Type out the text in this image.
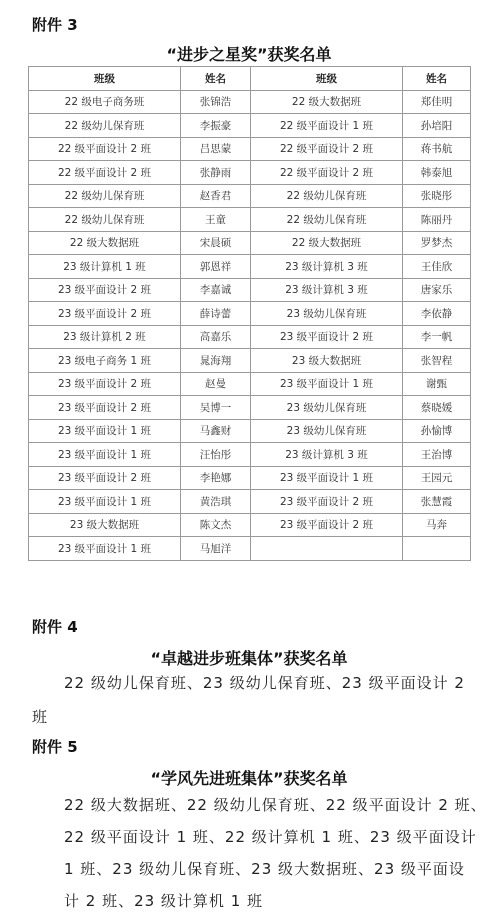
附件 3
“进步之星奖”获奖名单
班级	姓名	班级	姓名
22 级电子商务班	张锦浩	22 级大数据班	郑佳明
22 级幼儿保育班	李振豪	22 级平面设计 1 班	孙培阳
22 级平面设计 2 班	吕思蒙	22 级平面设计 2 班	蒋书航
22 级平面设计 2 班	张静雨	22 级平面设计 2 班	韩泰旭
22 级幼儿保育班	赵香君	22 级幼儿保育班	张晓彤
22 级幼儿保育班	王童	22 级幼儿保育班	陈丽丹
22 级大数据班	宋晨硕	22 级大数据班	罗梦杰
23 级计算机 1 班	郭恩祥	23 级计算机 3 班	王佳欣
23 级平面设计 2 班	李嘉诚	23 级计算机 3 班	唐家乐
23 级平面设计 2 班	薛诗蕾	23 级幼儿保育班	李依静
23 级计算机 2 班	高嘉乐	23 级平面设计 2 班	李一帆
23 级电子商务 1 班	晁海翔	23 级大数据班	张智程
23 级平面设计 2 班	赵曼	23 级平面设计 1 班	谢甄
23 级平面设计 2 班	吴博一	23 级幼儿保育班	蔡晓媛
23 级平面设计 1 班	马鑫财	23 级幼儿保育班	孙愉博
23 级平面设计 1 班	汪怡彤	23 级计算机 3 班	王治博
23 级平面设计 2 班	李艳娜	23 级平面设计 1 班	王园元
23 级平面设计 1 班	黄浩琪	23 级平面设计 2 班	张慧霞
23 级大数据班	陈文杰	23 级平面设计 2 班	马奔
23 级平面设计 1 班	马旭洋		
附件 4
“卓越进步班集体”获奖名单
22 级幼儿保育班、23 级幼儿保育班、23 级平面设计 2
班
附件 5
“学风先进班集体”获奖名单
22 级大数据班、22 级幼儿保育班、22 级平面设计 2 班、
22 级平面设计 1 班、22 级计算机 1 班、23 级平面设计
1 班、23 级幼儿保育班、23 级大数据班、23 级平面设
计 2 班、23 级计算机 1 班
